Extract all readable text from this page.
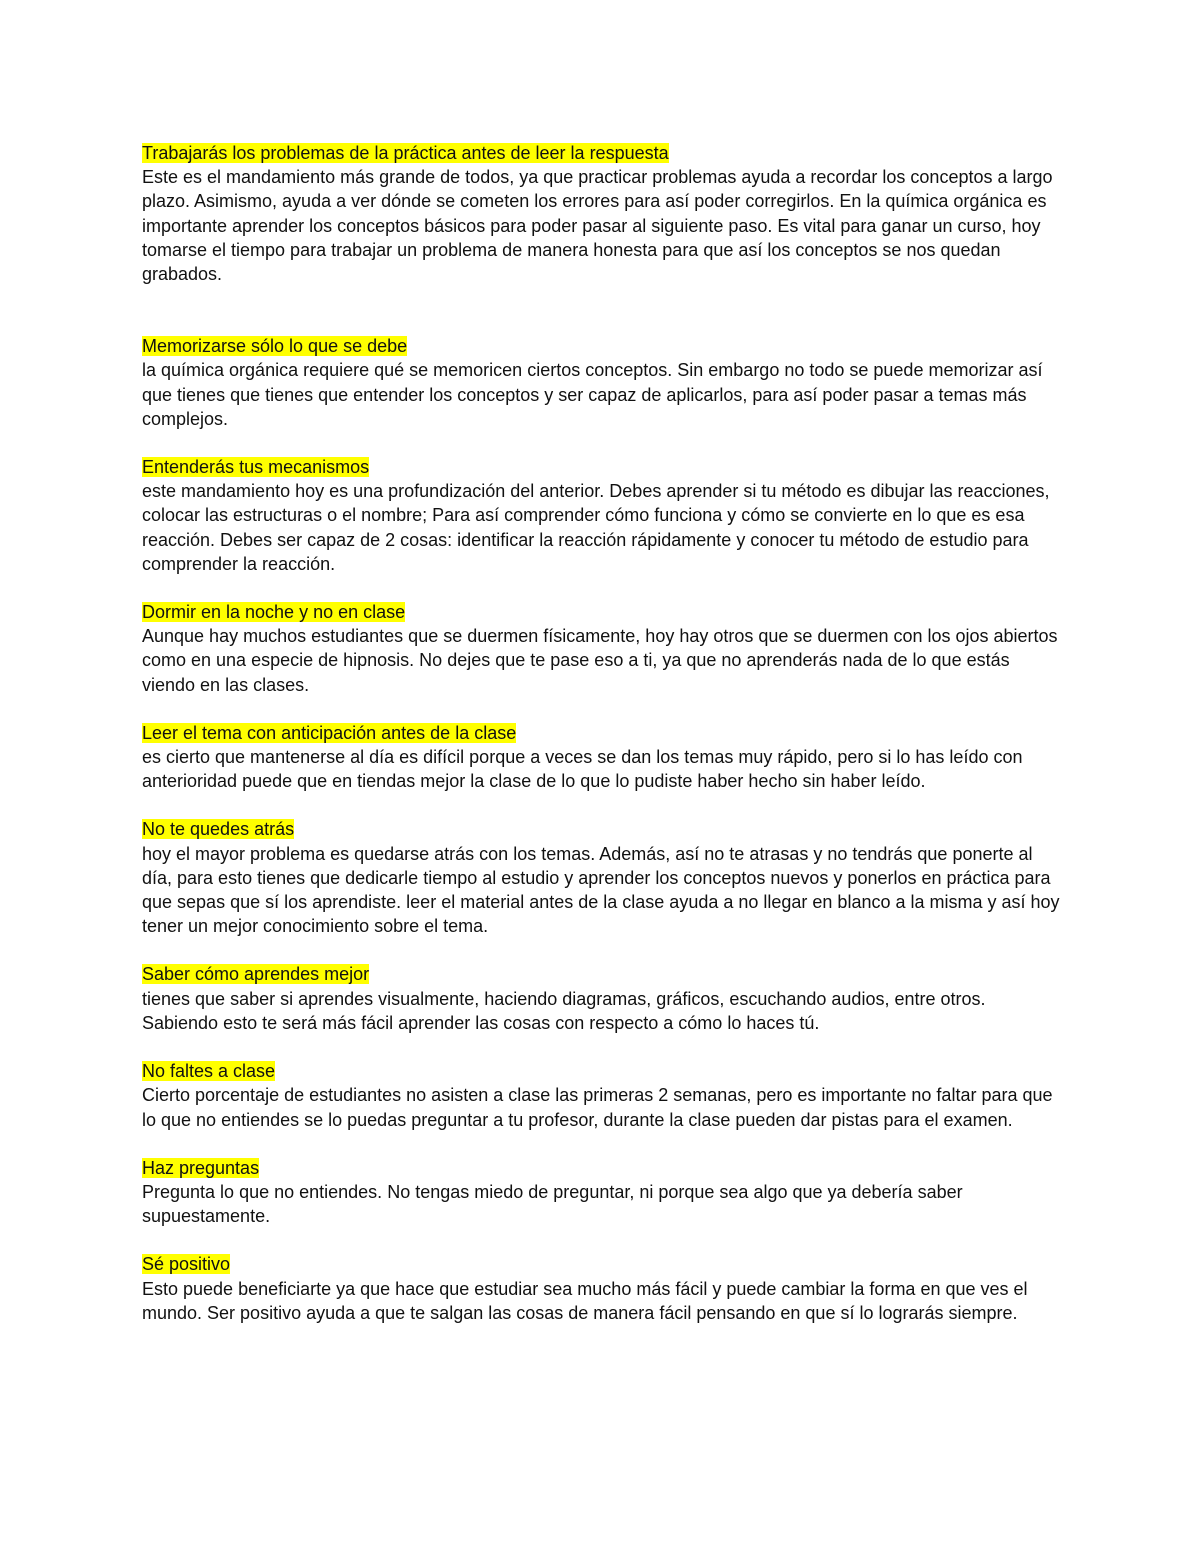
Trabajarás los problemas de la práctica antes de leer la respuesta
Este es el mandamiento más grande de todos, ya que practicar problemas ayuda a recordar los conceptos a largo plazo. Asimismo, ayuda a ver dónde se cometen los errores para así poder corregirlos. En la química orgánica es importante aprender los conceptos básicos para poder pasar al siguiente paso. Es vital para ganar un curso, hoy tomarse el tiempo para trabajar un problema de manera honesta para que así los conceptos se nos quedan grabados.
Memorizarse sólo lo que se debe
la química orgánica requiere qué se memoricen ciertos conceptos. Sin embargo no todo se puede memorizar así que tienes que tienes que entender los conceptos y ser capaz de aplicarlos, para así poder pasar a temas más complejos.
Entenderás tus mecanismos
este mandamiento hoy es una profundización del anterior. Debes aprender si tu método es dibujar las reacciones, colocar las estructuras o el nombre; Para así comprender cómo funciona y cómo se convierte en lo que es esa reacción. Debes ser capaz de 2 cosas: identificar la reacción rápidamente y conocer tu método de estudio para comprender la reacción.
Dormir en la noche y no en clase
Aunque hay muchos estudiantes que se duermen físicamente, hoy hay otros que se duermen con los ojos abiertos como en una especie de hipnosis. No dejes que te pase eso a ti, ya que no aprenderás nada de lo que estás viendo en las clases.
Leer el tema con anticipación antes de la clase
es cierto que mantenerse al día es difícil porque a veces se dan los temas muy rápido, pero si lo has leído con anterioridad puede que en tiendas mejor la clase de lo que lo pudiste haber hecho sin haber leído.
No te quedes atrás
hoy el mayor problema es quedarse atrás con los temas. Además, así no te atrasas y no tendrás que ponerte al día, para esto tienes que dedicarle tiempo al estudio y aprender los conceptos nuevos y ponerlos en práctica para que sepas que sí los aprendiste. leer el material antes de la clase ayuda a no llegar en blanco a la misma y así hoy tener un mejor conocimiento sobre el tema.
Saber cómo aprendes mejor
tienes que saber si aprendes visualmente, haciendo diagramas, gráficos, escuchando audios, entre otros. Sabiendo esto te será más fácil aprender las cosas con respecto a cómo lo haces tú.
No faltes a clase
Cierto porcentaje de estudiantes no asisten a clase las primeras 2 semanas, pero es importante no faltar para que lo que no entiendes se lo puedas preguntar a tu profesor, durante la clase pueden dar pistas para el examen.
Haz preguntas
Pregunta lo que no entiendes. No tengas miedo de preguntar, ni porque sea algo que ya debería saber supuestamente.
Sé positivo
Esto puede beneficiarte ya que hace que estudiar sea mucho más fácil y puede cambiar la forma en que ves el mundo. Ser positivo ayuda a que te salgan las cosas de manera fácil pensando en que sí lo lograrás siempre.
